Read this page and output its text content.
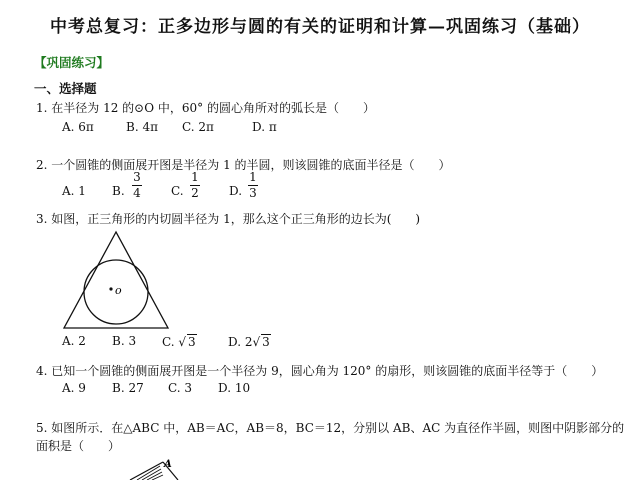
中考总复习：正多边形与圆的有关的证明和计算—巩固练习（基础）
【巩固练习】
一、选择题
1. 在半径为 12 的⊙O 中，60° 的圆心角所对的弧长是（　　）
A. 6π	B. 4π C. 2π	D. π
2. 一个圆锥的侧面展开图是半径为 1 的半圆，则该圆锥的底面半径是（　　）
A. 1 B.
3
4	C.
1
2	D.
1
3
3. 如图，正三角形的内切圆半径为 1，那么这个正三角形的边长为(　　)
o
A. 2 B. 3 C. √ 3	D. 2√ 3
4. 已知一个圆锥的侧面展开图是一个半径为 9，圆心角为 120° 的扇形，则该圆锥的底面半径等于（　　）
A. 9 B. 27 C. 3 D. 10
5. 如图所示．在△ABC 中，AB＝AC，AB＝8，BC＝12，分别以 AB、AC 为直径作半圆，则图中阴影部分的
面积是（　　）
A
